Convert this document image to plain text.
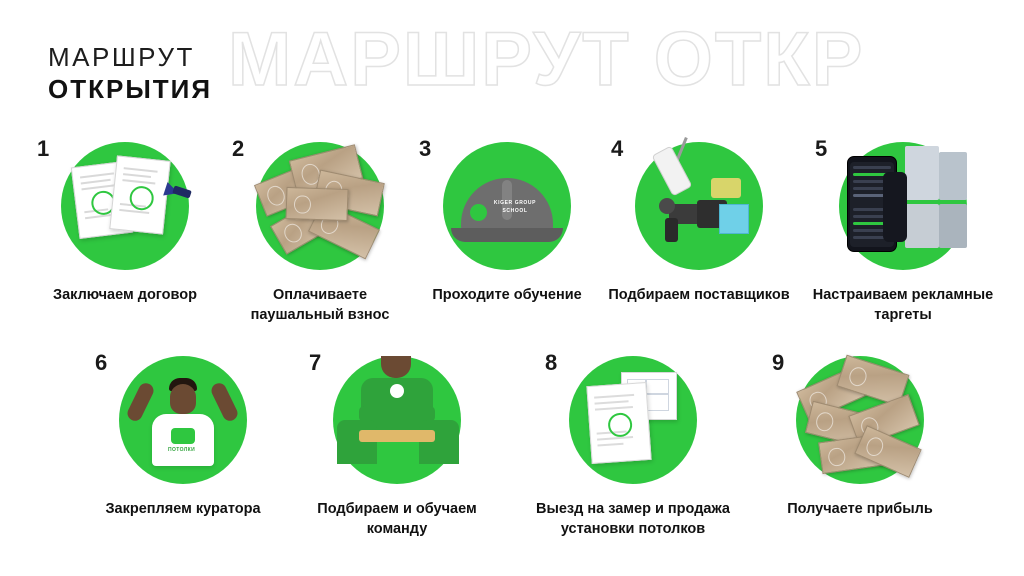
МАРШРУТ ОТКР
МАРШРУТ
ОТКРЫТИЯ
1
Заключаем договор
2
Оплачиваете паушальный взнос
3
KIGER GROUP SCHOOL
Проходите обучение
4
Подбираем поставщиков
5
Настраиваем рекламные таргеты
6
ПОТОЛКИ
Закрепляем куратора
7
Подбираем и обучаем команду
8
Выезд на замер и продажа установки потолков
9
Получаете прибыль
